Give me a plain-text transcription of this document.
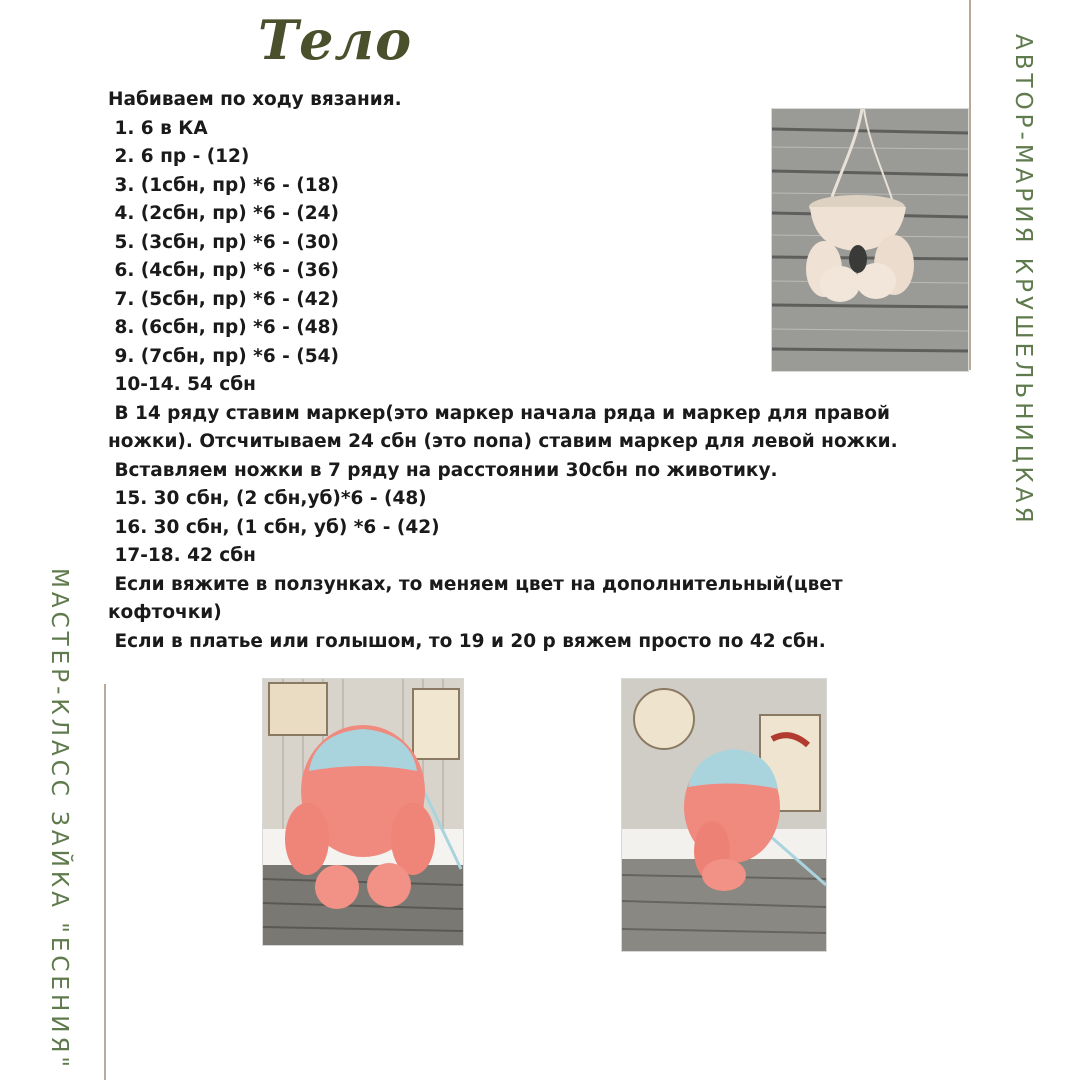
Тело
Набиваем по ходу вязания.
1. 6 в КА
2. 6 пр - (12)
3. (1сбн, пр) *6 - (18)
4. (2сбн, пр) *6 - (24)
5. (3сбн, пр) *6 - (30)
6. (4сбн, пр) *6 - (36)
7. (5сбн, пр) *6 - (42)
8. (6сбн, пр) *6 - (48)
9. (7сбн, пр) *6 - (54)
10-14. 54 сбн
В 14 ряду ставим маркер(это маркер начала ряда и маркер для правой
ножки). Отсчитываем 24 сбн (это попа) ставим маркер для левой ножки.
Вставляем ножки в 7 ряду на расстоянии 30сбн по животику.
15. 30 сбн, (2 сбн,уб)*6 - (48)
16. 30 сбн, (1 сбн, уб) *6 - (42)
17-18. 42 сбн
Если вяжите в ползунках, то меняем цвет на дополнительный(цвет
кофточки)
Если в платье или голышом, то 19 и 20 р вяжем просто по 42 сбн.
АВТОР-МАРИЯ КРУШЕЛЬНИЦКАЯ
МАСТЕР-КЛАСС ЗАЙКА "ЕСЕНИЯ"
